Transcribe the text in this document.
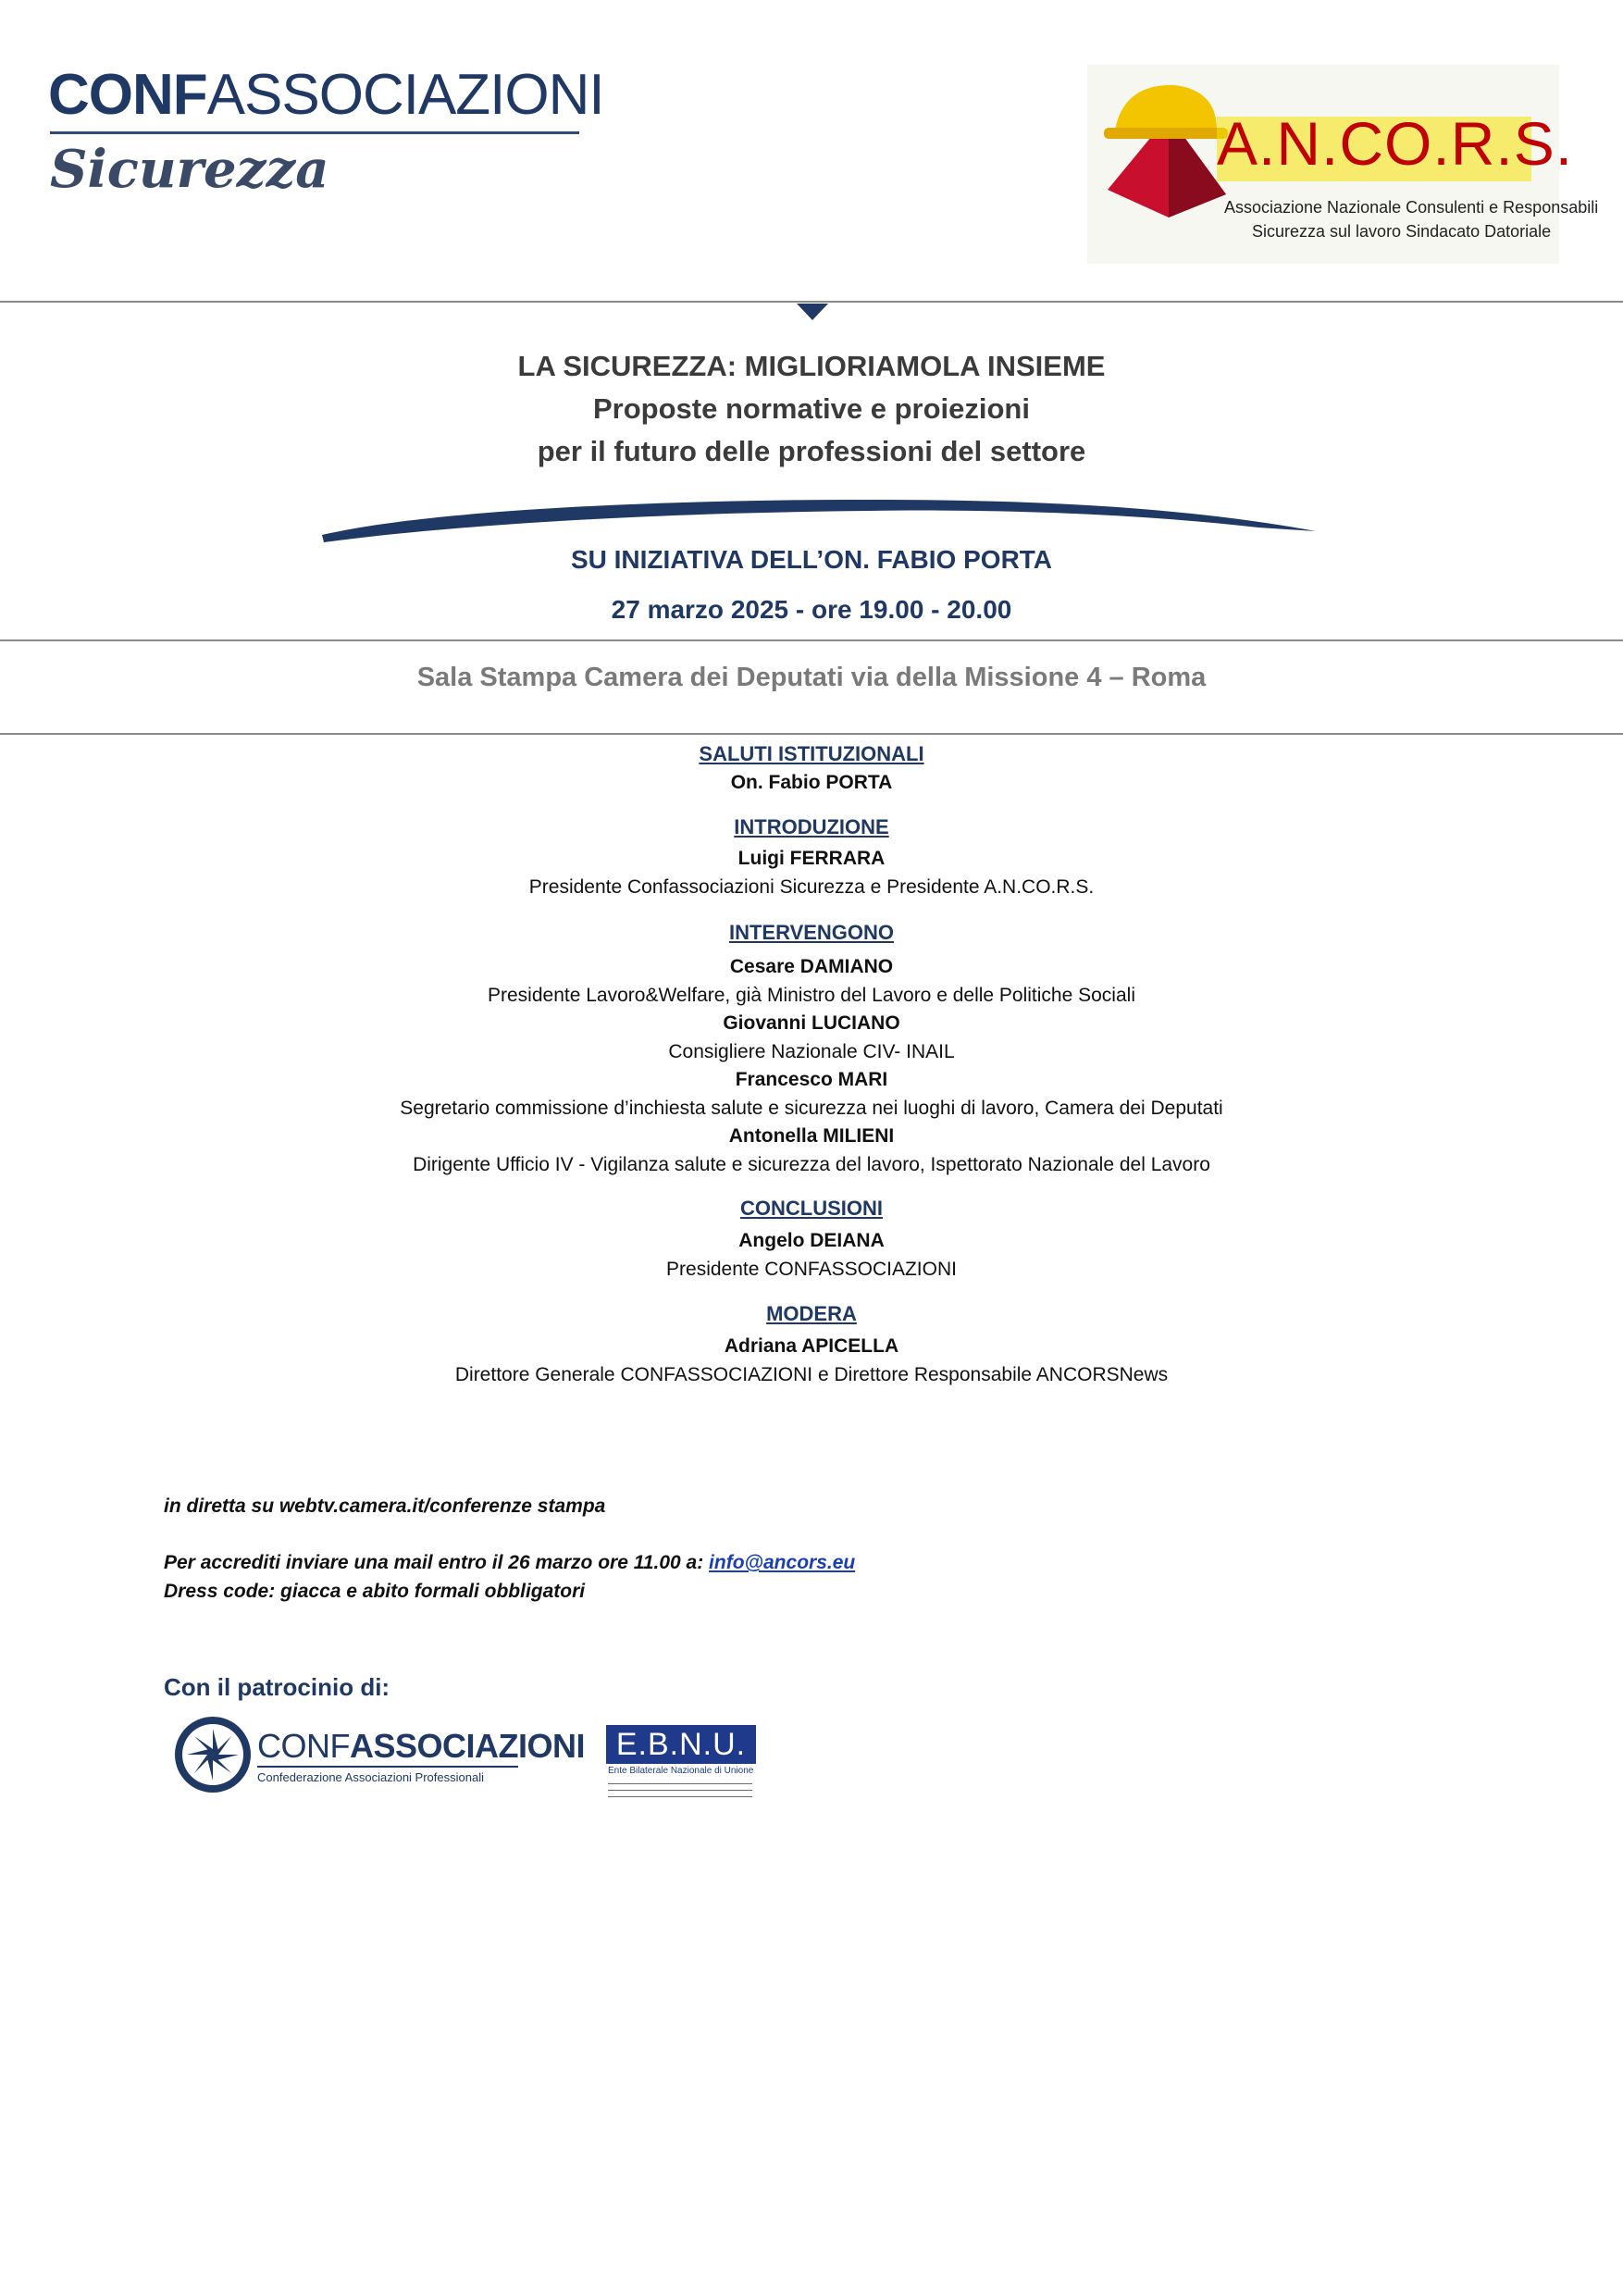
CONFASSOCIAZIONI
Sicurezza	A.N.CO.R.S.
Associazione Nazionale Consulenti e Responsabili
Sicurezza sul lavoro Sindacato Datoriale
LA SICUREZZA: MIGLIORIAMOLA INSIEME
Proposte normative e proiezioni
per il futuro delle professioni del settore
SU INIZIATIVA DELL’ON. FABIO PORTA
27 marzo 2025 - ore 19.00 - 20.00
Sala Stampa Camera dei Deputati via della Missione 4 – Roma
SALUTI ISTITUZIONALI
On. Fabio PORTA
INTRODUZIONE
Luigi FERRARA
Presidente Confassociazioni Sicurezza e Presidente A.N.CO.R.S.
INTERVENGONO
Cesare DAMIANO
Presidente Lavoro&Welfare, già Ministro del Lavoro e delle Politiche Sociali
Giovanni LUCIANO
Consigliere Nazionale CIV- INAIL
Francesco MARI
Segretario commissione d’inchiesta salute e sicurezza nei luoghi di lavoro, Camera dei Deputati
Antonella MILIENI
Dirigente Ufficio IV - Vigilanza salute e sicurezza del lavoro, Ispettorato Nazionale del Lavoro
CONCLUSIONI
Angelo DEIANA
Presidente CONFASSOCIAZIONI
MODERA
Adriana APICELLA
Direttore Generale CONFASSOCIAZIONI e Direttore Responsabile ANCORSNews
in diretta su webtv.camera.it/conferenze stampa
Per accrediti inviare una mail entro il 26 marzo ore 11.00 a: info@ancors.eu
Dress code: giacca e abito formali obbligatori
Con il patrocinio di:
CONFASSOCIAZIONI
Confederazione Associazioni Professionali
E.B.N.U.
Ente Bilaterale Nazionale di Unione
